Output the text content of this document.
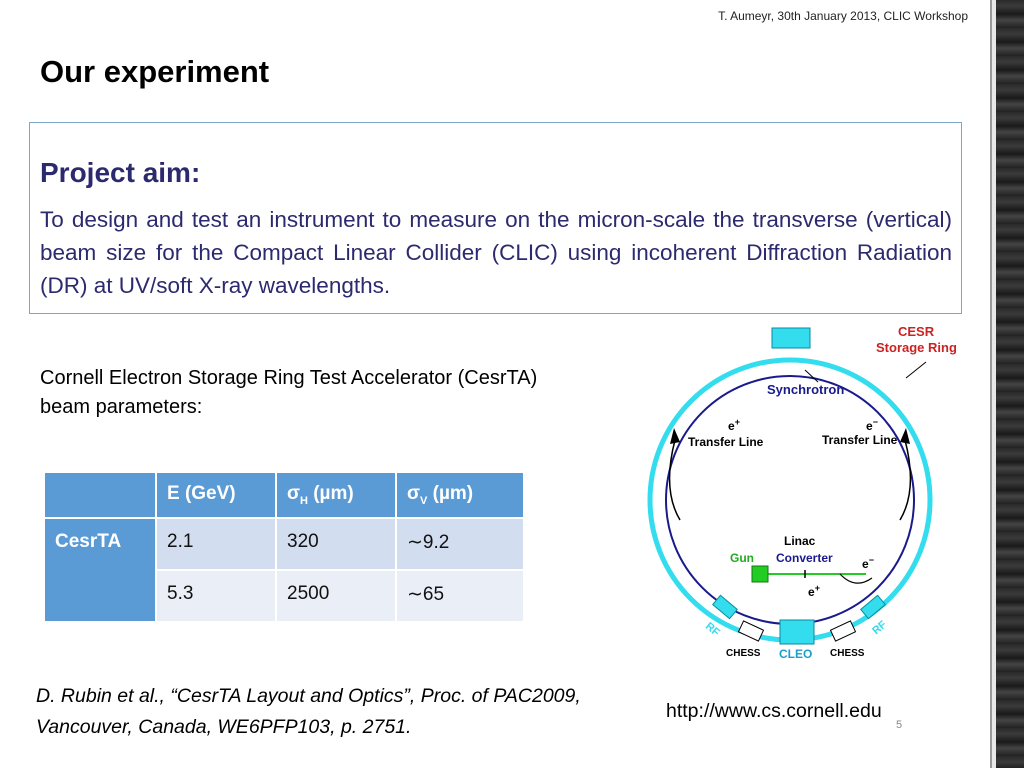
T. Aumeyr, 30th January 2013, CLIC Workshop
Our experiment
Project aim:
To design and test an instrument to measure on the micron-scale the transverse (vertical) beam size for the Compact Linear Collider (CLIC) using incoherent Diffraction Radiation (DR) at UV/soft X-ray wavelengths.
Cornell Electron Storage Ring Test Accelerator (CesrTA) beam parameters:
	E (GeV)	$\sigma_H$ (µm)	$\sigma_V$ (µm)
CesrTA	2.1	320	∼9.2
	5.3	2500	∼65
CESR
Storage Ring
Synchrotron
e+
Transfer Line
e−
Transfer Line
Linac
Converter
Gun	e−
e+
RF	RF
CHESS	CHESS
CLEO
D. Rubin et al., “CesrTA Layout and Optics”, Proc. of PAC2009, Vancouver, Canada, WE6PFP103, p. 2751.
http://www.cs.cornell.edu
5
